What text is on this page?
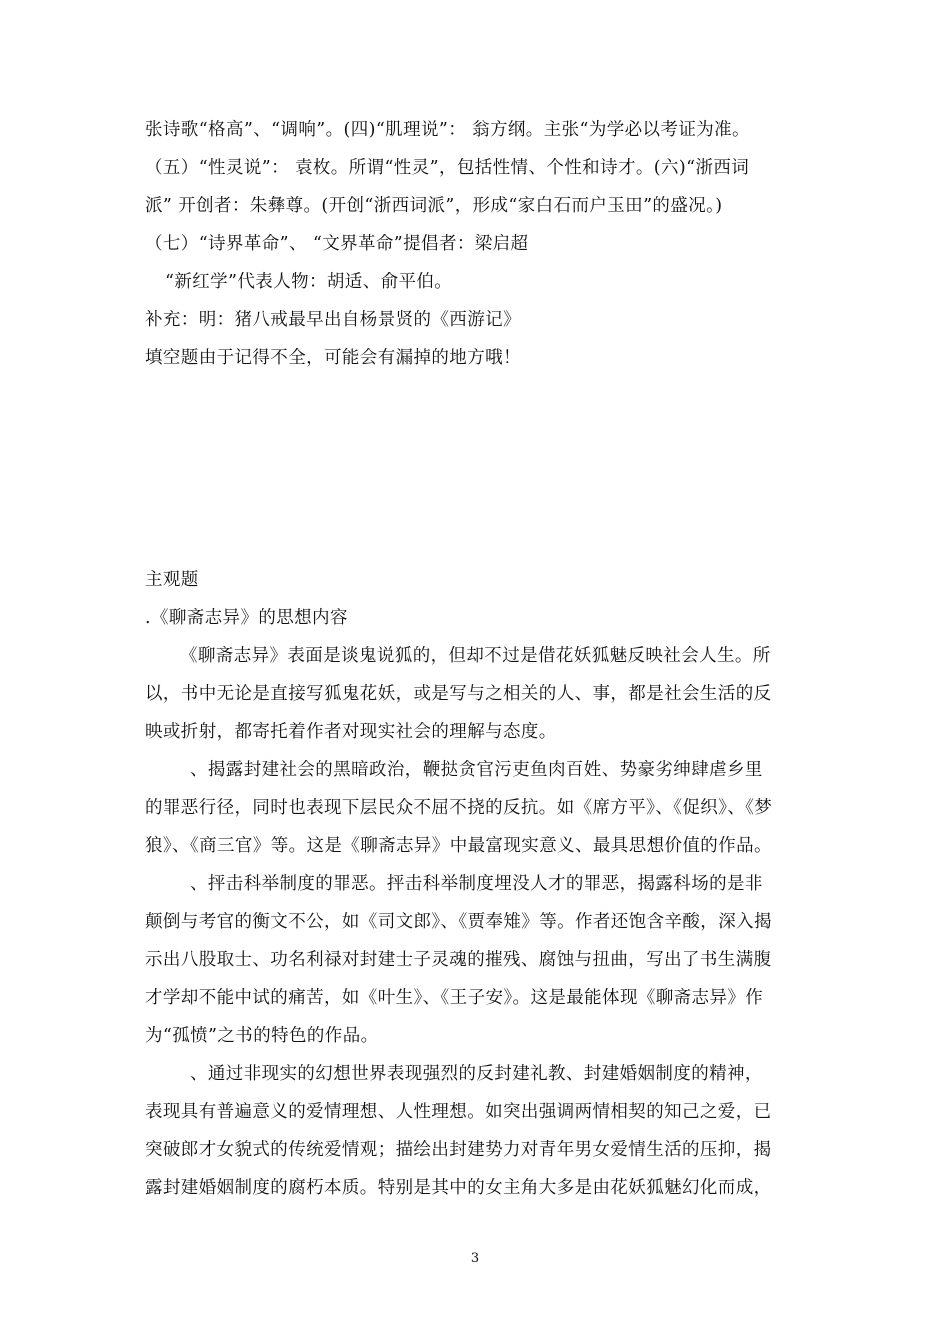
张诗歌“格高”、“调响”。(四)“肌理说”： 翁方纲。主张“为学必以考证为准。
（五）“性灵说”： 袁枚。所谓“性灵”，包括性情、个性和诗才。(六)“浙西词
派” 开创者：朱彝尊。(开创“浙西词派”，形成“家白石而户玉田”的盛况。)
（七）“诗界革命”、 “文界革命”提倡者：梁启超
“新红学”代表人物：胡适、俞平伯。
补充：明：猪八戒最早出自杨景贤的《西游记》
填空题由于记得不全，可能会有漏掉的地方哦！
主观题
.《聊斋志异》的思想内容
《聊斋志异》表面是谈鬼说狐的，但却不过是借花妖狐魅反映社会人生。所
以，书中无论是直接写狐鬼花妖，或是写与之相关的人、事，都是社会生活的反
映或折射，都寄托着作者对现实社会的理解与态度。
、揭露封建社会的黑暗政治，鞭挞贪官污吏鱼肉百姓、势豪劣绅肆虐乡里
的罪恶行径，同时也表现下层民众不屈不挠的反抗。如《席方平》、《促织》、《梦
狼》、《商三官》等。这是《聊斋志异》中最富现实意义、最具思想价值的作品。
、抨击科举制度的罪恶。抨击科举制度埋没人才的罪恶，揭露科场的是非
颠倒与考官的衡文不公，如《司文郎》、《贾奉雉》等。作者还饱含辛酸，深入揭
示出八股取士、功名利禄对封建士子灵魂的摧残、腐蚀与扭曲，写出了书生满腹
才学却不能中试的痛苦，如《叶生》、《王子安》。这是最能体现《聊斋志异》作
为“孤愤”之书的特色的作品。
、通过非现实的幻想世界表现强烈的反封建礼教、封建婚姻制度的精神，
表现具有普遍意义的爱情理想、人性理想。如突出强调两情相契的知己之爱，已
突破郎才女貌式的传统爱情观；描绘出封建势力对青年男女爱情生活的压抑，揭
露封建婚姻制度的腐朽本质。特别是其中的女主角大多是由花妖狐魅幻化而成，
3
